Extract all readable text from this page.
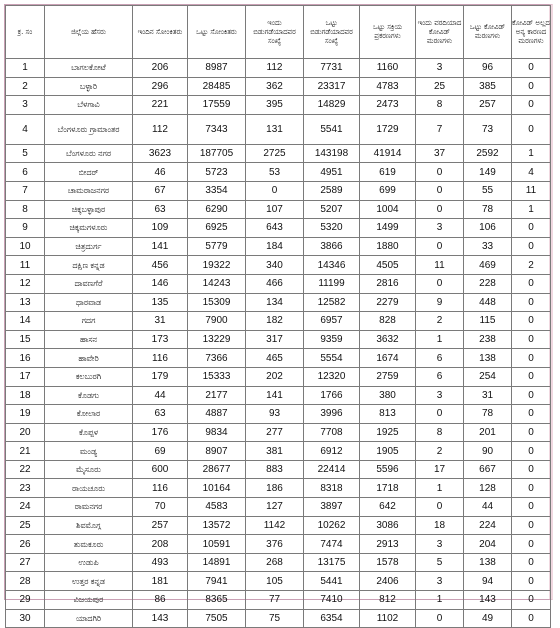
ಕ್ರ. ಸಂ	ಜಿಲ್ಲೆಯ ಹೆಸರು	ಇಂದಿನ ಸೋಂಕಿತರು	ಒಟ್ಟು ಸೋಂಕಿತರು	ಇಂದು ಬಿಡುಗಡೆಯಾದವರ ಸಂಖ್ಯೆ	ಒಟ್ಟು ಬಿಡುಗಡೆಯಾದವರ ಸಂಖ್ಯೆ	ಒಟ್ಟು ಸಕ್ರಿಯ ಪ್ರಕರಣಗಳು	ಇಂದು ವರದಿಯಾದ ಕೋವಿಡ್ ಮರಣಗಳು	ಒಟ್ಟು ಕೋವಿಡ್ ಮರಣಗಳು	ಕೋವಿಡ್ ಅಲ್ಲದ ಅನ್ಯ ಕಾರಣದ ಮರಣಗಳು
1	ಬಾಗಲಕೋಟೆ	206	8987	112	7731	1160	3	96	0
2	ಬಳ್ಳಾರಿ	296	28485	362	23317	4783	25	385	0
3	ಬೆಳಗಾವಿ	221	17559	395	14829	2473	8	257	0
4	ಬೆಂಗಳೂರು ಗ್ರಾಮಾಂತರ	112	7343	131	5541	1729	7	73	0
5	ಬೆಂಗಳೂರು ನಗರ	3623	187705	2725	143198	41914	37	2592	1
6	ಬೀದರ್	46	5723	53	4951	619	0	149	4
7	ಚಾಮರಾಜನಗರ	67	3354	0	2589	699	0	55	11
8	ಚಿಕ್ಕಬಳ್ಳಾಪುರ	63	6290	107	5207	1004	0	78	1
9	ಚಿಕ್ಕಮಗಳೂರು	109	6925	643	5320	1499	3	106	0
10	ಚಿತ್ರದುರ್ಗ	141	5779	184	3866	1880	0	33	0
11	ದಕ್ಷಿಣ ಕನ್ನಡ	456	19322	340	14346	4505	11	469	2
12	ದಾವಣಗೆರೆ	146	14243	466	11199	2816	0	228	0
13	ಧಾರವಾಡ	135	15309	134	12582	2279	9	448	0
14	ಗದಗ	31	7900	182	6957	828	2	115	0
15	ಹಾಸನ	173	13229	317	9359	3632	1	238	0
16	ಹಾವೇರಿ	116	7366	465	5554	1674	6	138	0
17	ಕಲಬುರಗಿ	179	15333	202	12320	2759	6	254	0
18	ಕೊಡಗು	44	2177	141	1766	380	3	31	0
19	ಕೋಲಾರ	63	4887	93	3996	813	0	78	0
20	ಕೊಪ್ಪಳ	176	9834	277	7708	1925	8	201	0
21	ಮಂಡ್ಯ	69	8907	381	6912	1905	2	90	0
22	ಮೈಸೂರು	600	28677	883	22414	5596	17	667	0
23	ರಾಯಚೂರು	116	10164	186	8318	1718	1	128	0
24	ರಾಮನಗರ	70	4583	127	3897	642	0	44	0
25	ಶಿವಮೊಗ್ಗ	257	13572	1142	10262	3086	18	224	0
26	ತುಮಕೂರು	208	10591	376	7474	2913	3	204	0
27	ಉಡುಪಿ	493	14891	268	13175	1578	5	138	0
28	ಉತ್ತರ ಕನ್ನಡ	181	7941	105	5441	2406	3	94	0
29	ವಿಜಯಪುರ	86	8365	77	7410	812	1	143	0
30	ಯಾದಗಿರಿ	143	7505	75	6354	1102	0	49	0
